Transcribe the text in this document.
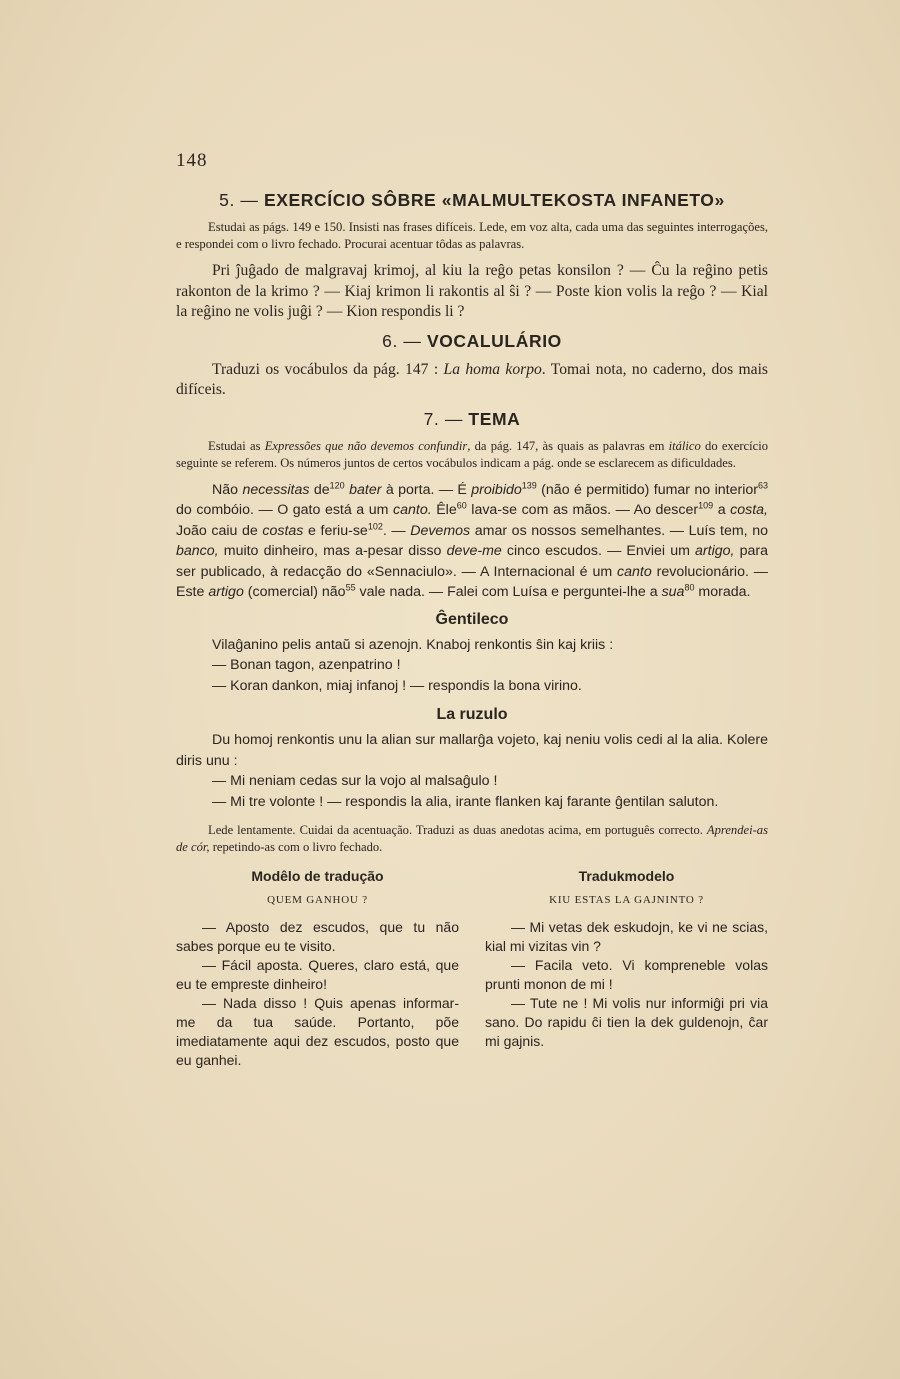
148
5. — EXERCÍCIO SÔBRE «MALMULTEKOSTA INFANETO»

Estudai as págs. 149 e 150. Insisti nas frases difíceis. Lede, em voz alta, cada uma das seguintes interrogações, e respondei com o livro fechado. Procurai acentuar tôdas as palavras.

Pri ĵuĝado de malgravaj krimoj, al kiu la reĝo petas konsilon ? — Ĉu la reĝino petis rakonton de la krimo ? — Kiaj krimon li rakontis al ŝi ? — Poste kion volis la reĝo ? — Kial la reĝino ne volis juĝi ? — Kion respondis li ?

6. — VOCALULÁRIO

Traduzi os vocábulos da pág. 147 : La homa korpo. Tomai nota, no caderno, dos mais difíceis.

7. — TEMA

Estudai as Expressões que não devemos confundir, da pág. 147, às quais as palavras em itálico do exercício seguinte se referem. Os números juntos de certos vocábulos indicam a pág. onde se esclarecem as dificuldades.

Não necessitas $de^{120}$ bater à porta. — É proibido$^{139}$ (não é permitido) fumar no interior$^{63}$ do combóio. — O gato está a um canto. Êle$^{60}$ lava-se com as mãos. — Ao descer$^{109}$ a costa, João caiu de costas e feriu-$se^{102}$. — Devemos amar os nossos semelhantes. — Luís tem, no banco, muito dinheiro, mas a-pesar disso deve-me cinco escudos. — Enviei um artigo, para ser publicado, à redacção do «Sennaciulo». — A Internacional é um canto revolucionário. — Este artigo (comercial) não$^{55}$ vale nada. — Falei com Luísa e perguntei-lhe a sua$^{80}$ morada.

Ĝentileco

Vilaĝanino pelis antaŭ si azenojn. Knaboj renkontis ŝin kaj kriis :

— Bonan tagon, azenpatrino !
— Koran dankon, miaj infanoj ! — respondis la bona virino.
La ruzulo

Du homoj renkontis unu la alian sur mallarĝa vojeto, kaj neniu volis cedi al la alia. Kolere diris unu :

— Mi neniam cedas sur la vojo al malsaĝulo !

— Mi tre volonte ! — respondis la alia, irante flanken kaj farante ĝentilan saluton.

Lede lentamente. Cuidai da acentuação. Traduzi as duas anedotas acima, em português correcto. Aprendei-as de cór, repetindo-as com o livro fechado.

Modêlo de tradução
QUEM GANHOU ?

— Aposto dez escudos, que tu não sabes porque eu te visito.

— Fácil aposta. Queres, claro está, que eu te empreste dinheiro!

— Nada disso ! Quis apenas informar-me da tua saúde. Portanto, põe imediatamente aqui dez escudos, posto que eu ganhei.

Tradukmodelo
KIU ESTAS LA GAJNINTO ?

— Mi vetas dek eskudojn, ke vi ne scias, kial mi vizitas vin ?

— Facila veto. Vi kompreneble volas prunti monon de mi !

— Tute ne ! Mi volis nur informiĝi pri via sano. Do rapidu ĉi tien la dek guldenojn, ĉar mi gajnis.
